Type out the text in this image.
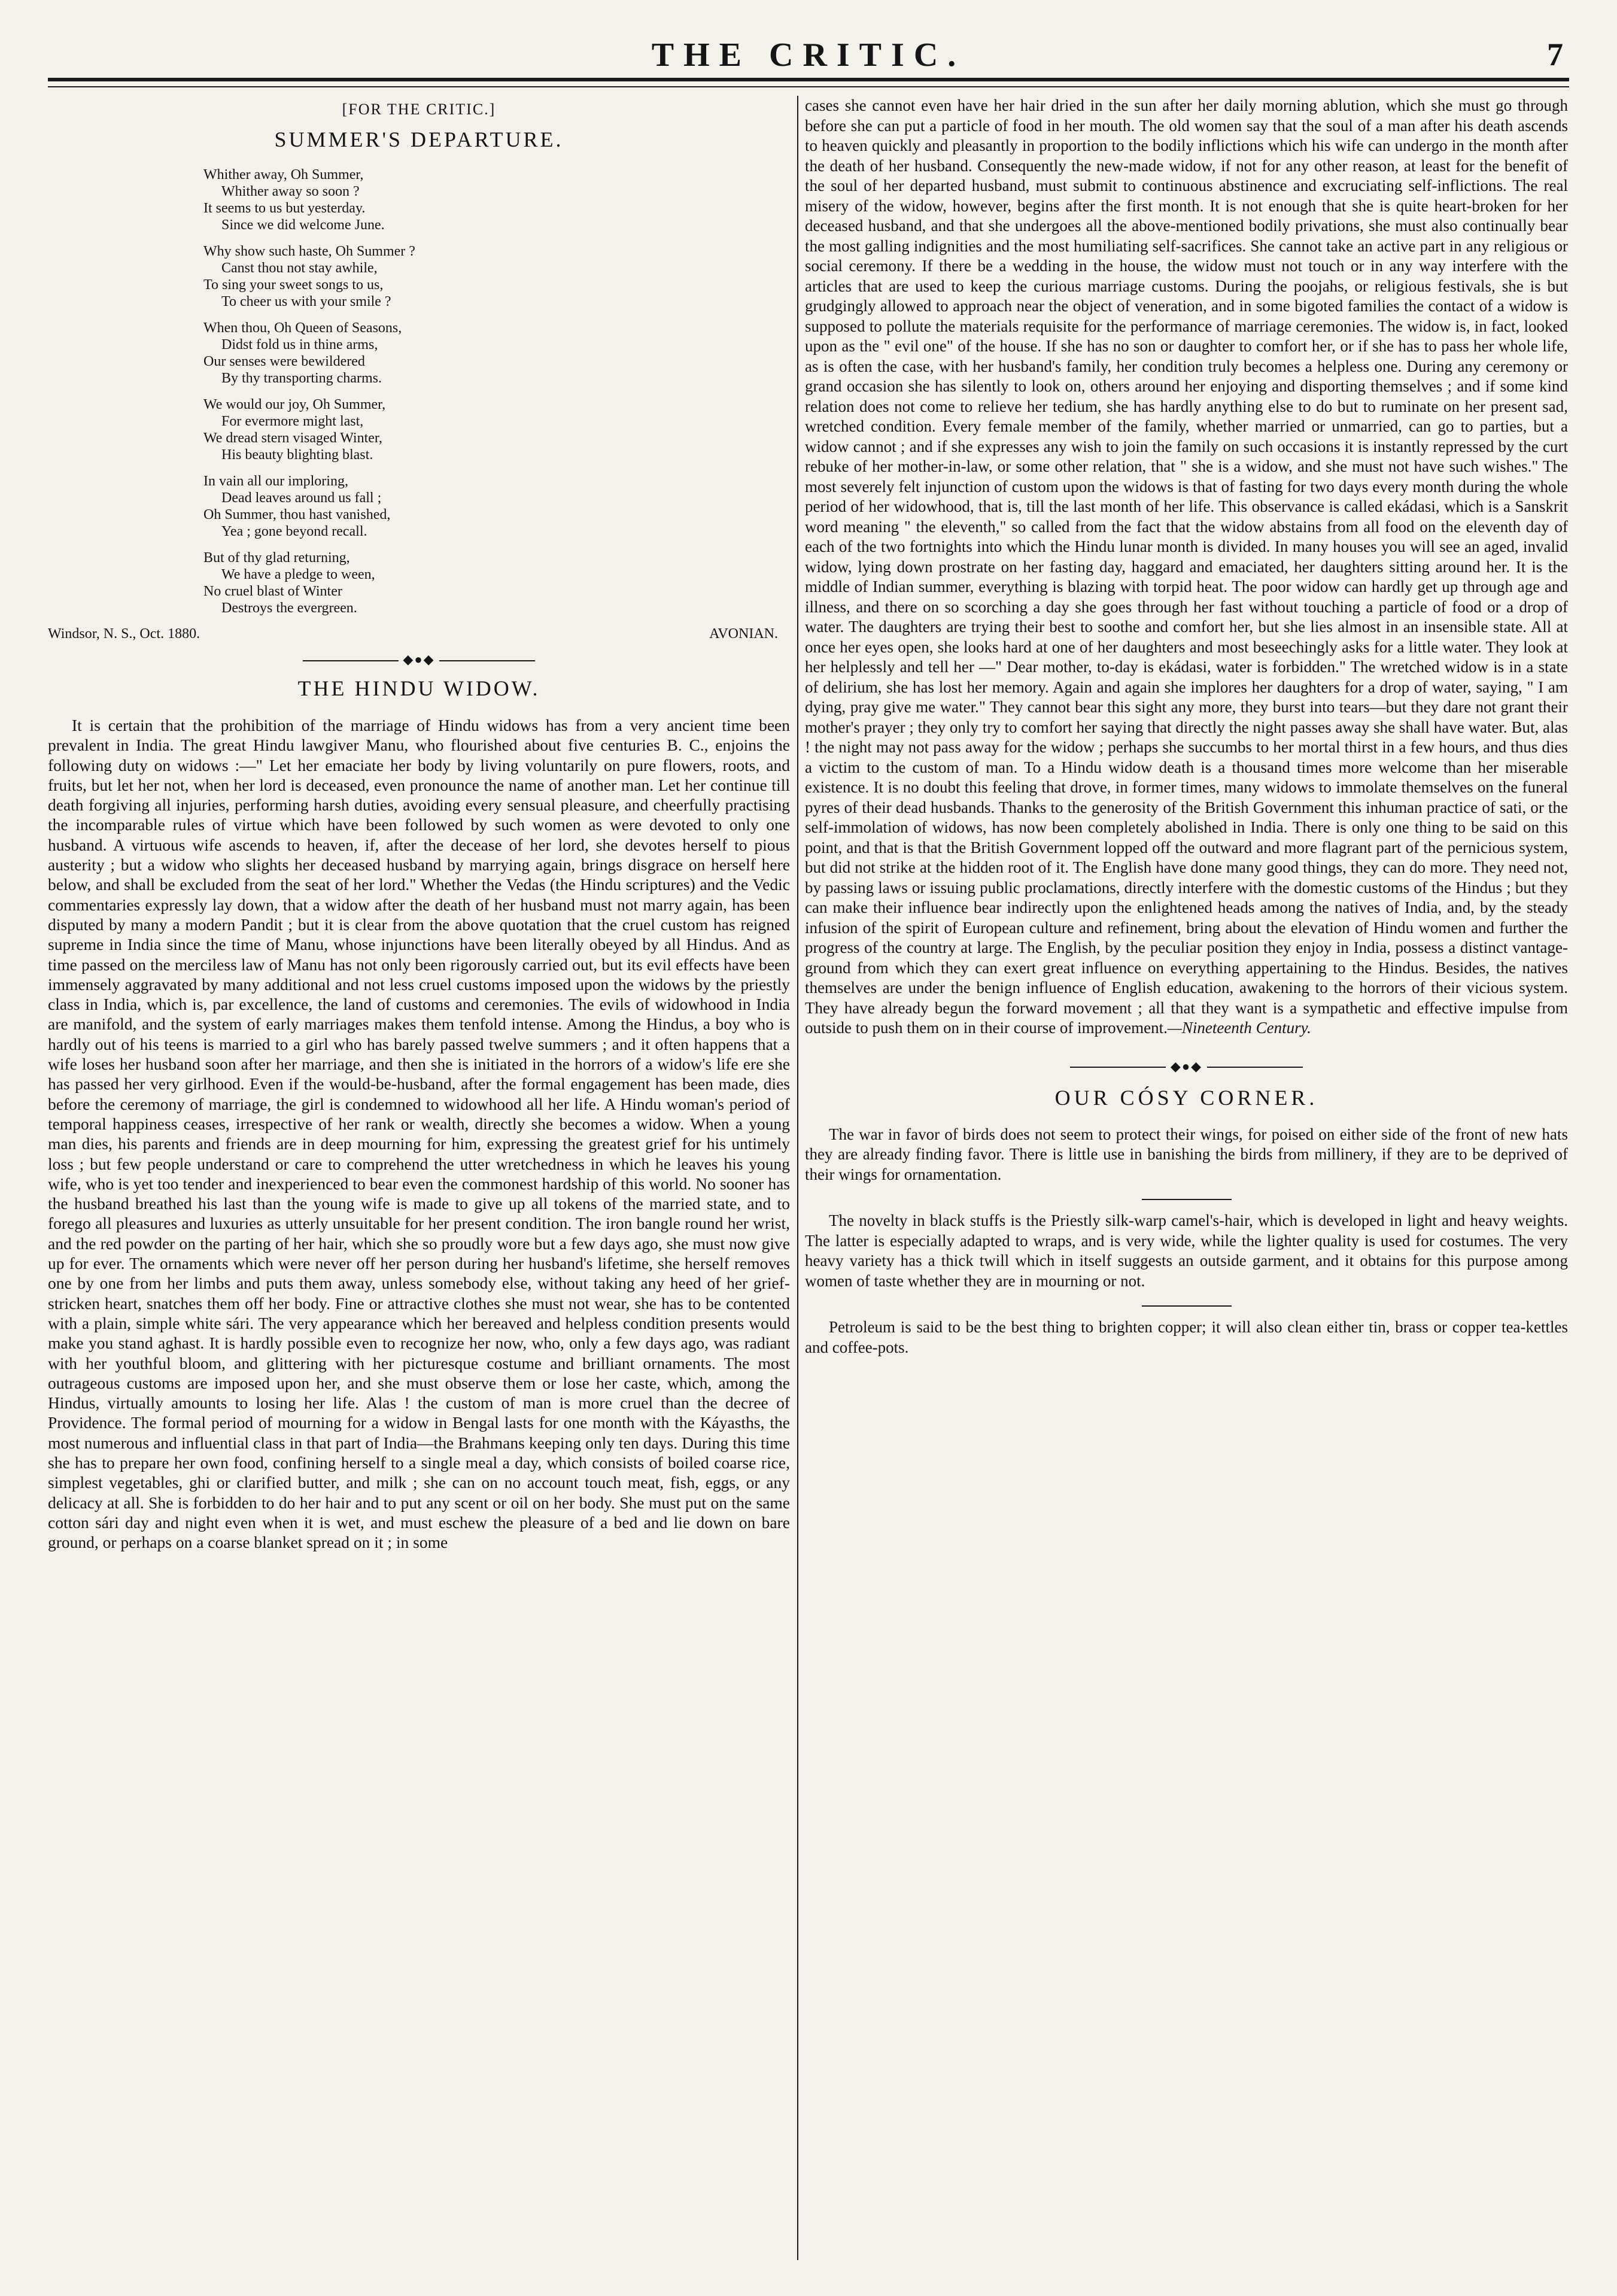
THE CRITIC.	7
[FOR THE CRITIC.]
SUMMER'S DEPARTURE.
Whither away, Oh Summer,
Whither away so soon ?
It seems to us but yesterday.
Since we did welcome June.
Why show such haste, Oh Summer ?
Canst thou not stay awhile,
To sing your sweet songs to us,
To cheer us with your smile ?
When thou, Oh Queen of Seasons,
Didst fold us in thine arms,
Our senses were bewildered
By thy transporting charms.
We would our joy, Oh Summer,
For evermore might last,
We dread stern visaged Winter,
His beauty blighting blast.
In vain all our imploring,
Dead leaves around us fall ;
Oh Summer, thou hast vanished,
Yea ; gone beyond recall.
But of thy glad returning,
We have a pledge to ween,
No cruel blast of Winter
Destroys the evergreen.
Windsor, N. S., Oct. 1880.	AVONIAN.
◆●◆
THE HINDU WIDOW.
It is certain that the prohibition of the marriage of Hindu widows has from a very ancient time been prevalent in India. The great Hindu lawgiver Manu, who flourished about five centuries B. C., enjoins the following duty on widows :—" Let her emaciate her body by living voluntarily on pure flowers, roots, and fruits, but let her not, when her lord is deceased, even pronounce the name of another man. Let her continue till death forgiving all injuries, performing harsh duties, avoiding every sensual pleasure, and cheerfully practising the incomparable rules of virtue which have been followed by such women as were devoted to only one husband. A virtuous wife ascends to heaven, if, after the decease of her lord, she devotes herself to pious austerity ; but a widow who slights her deceased husband by marrying again, brings disgrace on herself here below, and shall be excluded from the seat of her lord." Whether the Vedas (the Hindu scriptures) and the Vedic commentaries expressly lay down, that a widow after the death of her husband must not marry again, has been disputed by many a modern Pandit ; but it is clear from the above quotation that the cruel custom has reigned supreme in India since the time of Manu, whose injunctions have been literally obeyed by all Hindus. And as time passed on the merciless law of Manu has not only been rigorously carried out, but its evil effects have been immensely aggravated by many additional and not less cruel customs imposed upon the widows by the priestly class in India, which is, par excellence, the land of customs and ceremonies. The evils of widowhood in India are manifold, and the system of early marriages makes them tenfold intense. Among the Hindus, a boy who is hardly out of his teens is married to a girl who has barely passed twelve summers ; and it often happens that a wife loses her husband soon after her marriage, and then she is initiated in the horrors of a widow's life ere she has passed her very girlhood. Even if the would-be-husband, after the formal engagement has been made, dies before the ceremony of marriage, the girl is condemned to widowhood all her life. A Hindu woman's period of temporal happiness ceases, irrespective of her rank or wealth, directly she becomes a widow. When a young man dies, his parents and friends are in deep mourning for him, expressing the greatest grief for his untimely loss ; but few people understand or care to comprehend the utter wretchedness in which he leaves his young wife, who is yet too tender and inexperienced to bear even the commonest hardship of this world. No sooner has the husband breathed his last than the young wife is made to give up all tokens of the married state, and to forego all pleasures and luxuries as utterly unsuitable for her present condition. The iron bangle round her wrist, and the red powder on the parting of her hair, which she so proudly wore but a few days ago, she must now give up for ever. The ornaments which were never off her person during her husband's lifetime, she herself removes one by one from her limbs and puts them away, unless somebody else, without taking any heed of her grief-stricken heart, snatches them off her body. Fine or attractive clothes she must not wear, she has to be contented with a plain, simple white sári. The very appearance which her bereaved and helpless condition presents would make you stand aghast. It is hardly possible even to recognize her now, who, only a few days ago, was radiant with her youthful bloom, and glittering with her picturesque costume and brilliant ornaments. The most outrageous customs are imposed upon her, and she must observe them or lose her caste, which, among the Hindus, virtually amounts to losing her life. Alas ! the custom of man is more cruel than the decree of Providence. The formal period of mourning for a widow in Bengal lasts for one month with the Káyasths, the most numerous and influential class in that part of India—the Brahmans keeping only ten days. During this time she has to prepare her own food, confining herself to a single meal a day, which consists of boiled coarse rice, simplest vegetables, ghi or clarified butter, and milk ; she can on no account touch meat, fish, eggs, or any delicacy at all. She is forbidden to do her hair and to put any scent or oil on her body. She must put on the same cotton sári day and night even when it is wet, and must eschew the pleasure of a bed and lie down on bare ground, or perhaps on a coarse blanket spread on it ; in some
cases she cannot even have her hair dried in the sun after her daily morning ablution, which she must go through before she can put a particle of food in her mouth. The old women say that the soul of a man after his death ascends to heaven quickly and pleasantly in proportion to the bodily inflictions which his wife can undergo in the month after the death of her husband. Consequently the new-made widow, if not for any other reason, at least for the benefit of the soul of her departed husband, must submit to continuous abstinence and excruciating self-inflictions. The real misery of the widow, however, begins after the first month. It is not enough that she is quite heart-broken for her deceased husband, and that she undergoes all the above-mentioned bodily privations, she must also continually bear the most galling indignities and the most humiliating self-sacrifices. She cannot take an active part in any religious or social ceremony. If there be a wedding in the house, the widow must not touch or in any way interfere with the articles that are used to keep the curious marriage customs. During the poojahs, or religious festivals, she is but grudgingly allowed to approach near the object of veneration, and in some bigoted families the contact of a widow is supposed to pollute the materials requisite for the performance of marriage ceremonies. The widow is, in fact, looked upon as the " evil one" of the house. If she has no son or daughter to comfort her, or if she has to pass her whole life, as is often the case, with her husband's family, her condition truly becomes a helpless one. During any ceremony or grand occasion she has silently to look on, others around her enjoying and disporting themselves ; and if some kind relation does not come to relieve her tedium, she has hardly anything else to do but to ruminate on her present sad, wretched condition. Every female member of the family, whether married or unmarried, can go to parties, but a widow cannot ; and if she expresses any wish to join the family on such occasions it is instantly repressed by the curt rebuke of her mother-in-law, or some other relation, that " she is a widow, and she must not have such wishes." The most severely felt injunction of custom upon the widows is that of fasting for two days every month during the whole period of her widowhood, that is, till the last month of her life. This observance is called ekádasi, which is a Sanskrit word meaning " the eleventh," so called from the fact that the widow abstains from all food on the eleventh day of each of the two fortnights into which the Hindu lunar month is divided. In many houses you will see an aged, invalid widow, lying down prostrate on her fasting day, haggard and emaciated, her daughters sitting around her. It is the middle of Indian summer, everything is blazing with torpid heat. The poor widow can hardly get up through age and illness, and there on so scorching a day she goes through her fast without touching a particle of food or a drop of water. The daughters are trying their best to soothe and comfort her, but she lies almost in an insensible state. All at once her eyes open, she looks hard at one of her daughters and most beseechingly asks for a little water. They look at her helplessly and tell her —" Dear mother, to-day is ekádasi, water is forbidden." The wretched widow is in a state of delirium, she has lost her memory. Again and again she implores her daughters for a drop of water, saying, " I am dying, pray give me water." They cannot bear this sight any more, they burst into tears—but they dare not grant their mother's prayer ; they only try to comfort her saying that directly the night passes away she shall have water. But, alas ! the night may not pass away for the widow ; perhaps she succumbs to her mortal thirst in a few hours, and thus dies a victim to the custom of man. To a Hindu widow death is a thousand times more welcome than her miserable existence. It is no doubt this feeling that drove, in former times, many widows to immolate themselves on the funeral pyres of their dead husbands. Thanks to the generosity of the British Government this inhuman practice of sati, or the self-immolation of widows, has now been completely abolished in India. There is only one thing to be said on this point, and that is that the British Government lopped off the outward and more flagrant part of the pernicious system, but did not strike at the hidden root of it. The English have done many good things, they can do more. They need not, by passing laws or issuing public proclamations, directly interfere with the domestic customs of the Hindus ; but they can make their influence bear indirectly upon the enlightened heads among the natives of India, and, by the steady infusion of the spirit of European culture and refinement, bring about the elevation of Hindu women and further the progress of the country at large. The English, by the peculiar position they enjoy in India, possess a distinct vantage-ground from which they can exert great influence on everything appertaining to the Hindus. Besides, the natives themselves are under the benign influence of English education, awakening to the horrors of their vicious system. They have already begun the forward movement ; all that they want is a sympathetic and effective impulse from outside to push them on in their course of improvement.—Nineteenth Century.
◆●◆
OUR CÓSY CORNER.

The war in favor of birds does not seem to protect their wings, for poised on either side of the front of new hats they are already finding favor. There is little use in banishing the birds from millinery, if they are to be deprived of their wings for ornamentation.

The novelty in black stuffs is the Priestly silk-warp camel's-hair, which is developed in light and heavy weights. The latter is especially adapted to wraps, and is very wide, while the lighter quality is used for costumes. The very heavy variety has a thick twill which in itself suggests an outside garment, and it obtains for this purpose among women of taste whether they are in mourning or not.

Petroleum is said to be the best thing to brighten copper; it will also clean either tin, brass or copper tea-kettles and coffee-pots.
